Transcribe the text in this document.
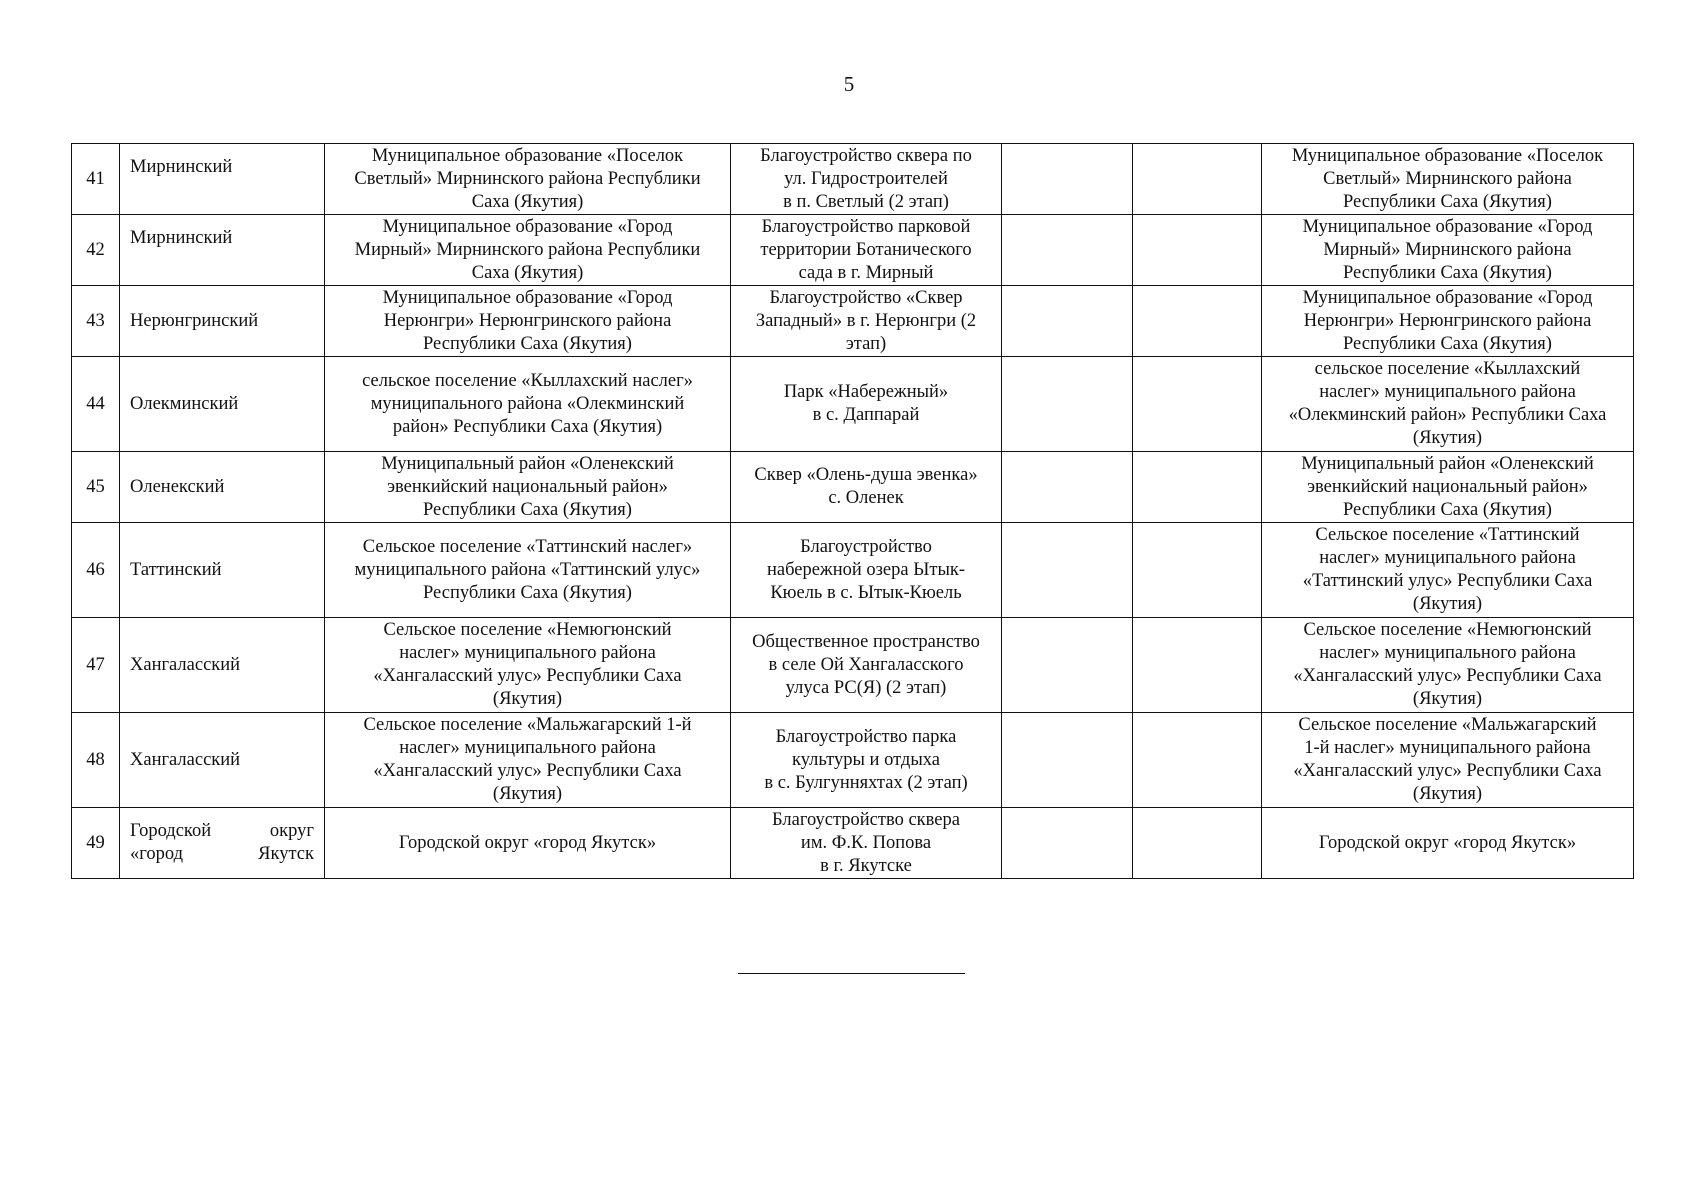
5
41	Мирнинский	Муниципальное образование «Поселок
Светлый» Мирнинского района Республики
Саха (Якутия)	Благоустройство сквера по
ул. Гидростроителей
в п. Светлый (2 этап)			Муниципальное образование «Поселок
Светлый» Мирнинского района
Республики Саха (Якутия)

42	Мирнинский	Муниципальное образование «Город
Мирный» Мирнинского района Республики
Саха (Якутия)	Благоустройство парковой
территории Ботанического
сада в г. Мирный			Муниципальное образование «Город
Мирный» Мирнинского района
Республики Саха (Якутия)

43	Нерюнгринский	Муниципальное образование «Город
Нерюнгри» Нерюнгринского района
Республики Саха (Якутия)	Благоустройство «Сквер
Западный» в г. Нерюнгри (2
этап)			Муниципальное образование «Город
Нерюнгри» Нерюнгринского района
Республики Саха (Якутия)

44	Олекминский	сельское поселение «Кыллахский наслег»
муниципального района «Олекминский
район» Республики Саха (Якутия)	Парк «Набережный»
в с. Даппарай			сельское поселение «Кыллахский
наслег» муниципального района
«Олекминский район» Республики Саха
(Якутия)

45	Оленекский	Муниципальный район «Оленекский
эвенкийский национальный район»
Республики Саха (Якутия)	Сквер «Олень-душа эвенка»
с. Оленек			Муниципальный район «Оленекский
эвенкийский национальный район»
Республики Саха (Якутия)

46	Таттинский	Сельское поселение «Таттинский наслег»
муниципального района «Таттинский улус»
Республики Саха (Якутия)	Благоустройство
набережной озера Ытык-
Кюель в с. Ытык-Кюель			Сельское поселение «Таттинский
наслег» муниципального района
«Таттинский улус» Республики Саха
(Якутия)

47	Хангаласский	Сельское поселение «Немюгюнский
наслег» муниципального района
«Хангаласский улус» Республики Саха
(Якутия)	Общественное пространство
в селе Ой Хангаласского
улуса РС(Я) (2 этап)			Сельское поселение «Немюгюнский
наслег» муниципального района
«Хангаласский улус» Республики Саха
(Якутия)

48	Хангаласский	Сельское поселение «Мальжагарский 1-й
наслег» муниципального района
«Хангаласский улус» Республики Саха
(Якутия)	Благоустройство парка
культуры и отдыха
в с. Булгунняхтах (2 этап)			Сельское поселение «Мальжагарский
1-й наслег» муниципального района
«Хангаласский улус» Республики Саха
(Якутия)

49	Городской округ
«город Якутск	Городской округ «город Якутск»	Благоустройство сквера
им. Ф.К. Попова
в г. Якутске			Городской округ «город Якутск»
